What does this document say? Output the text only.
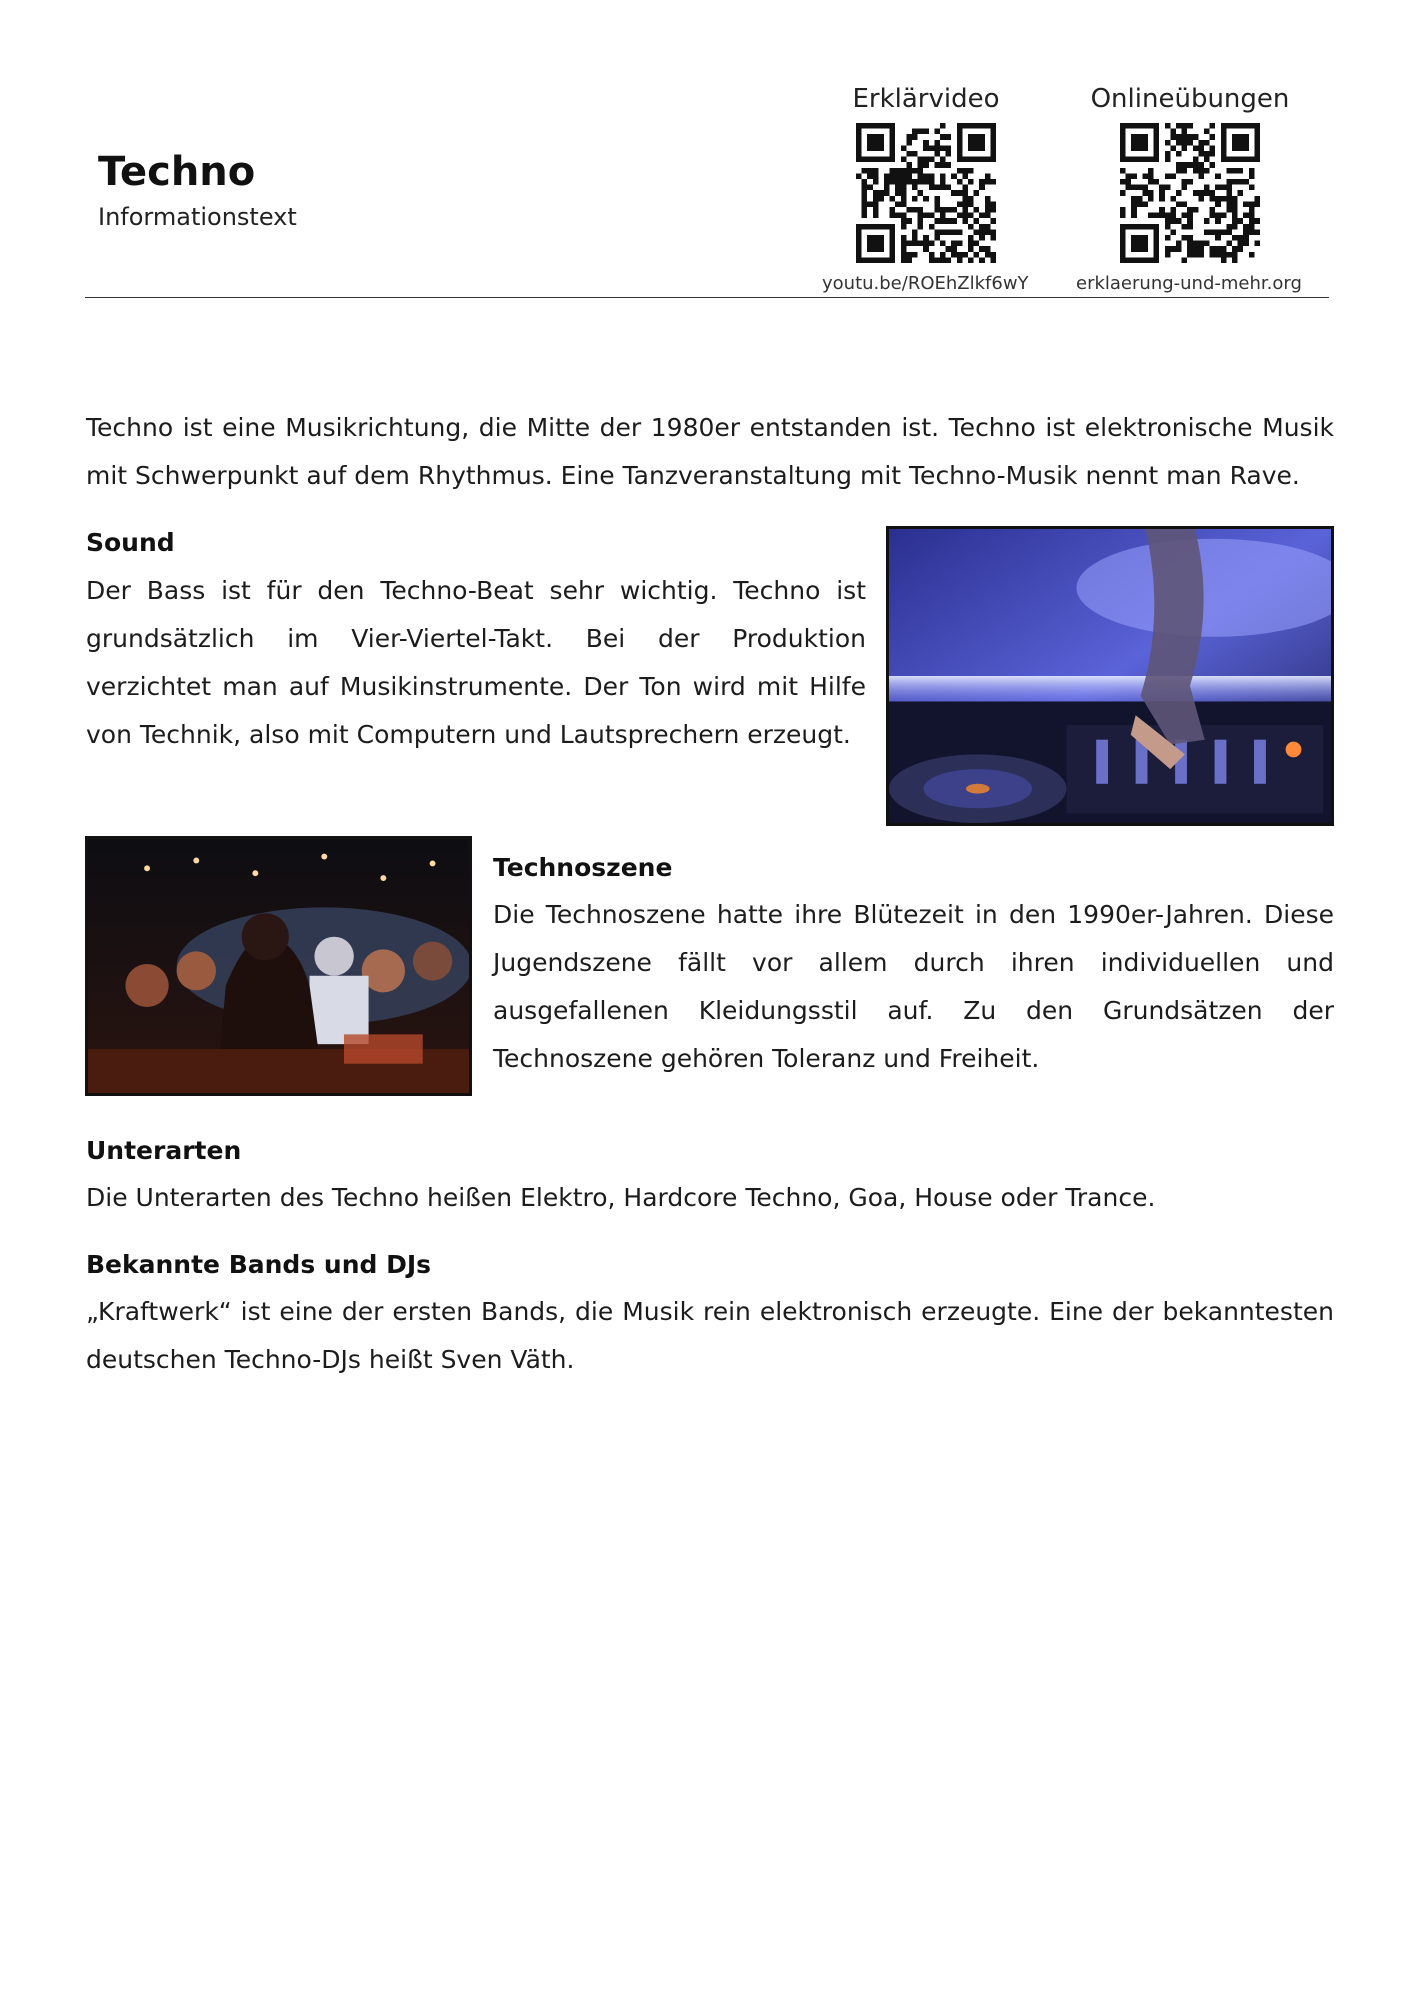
Techno

Informationstext

Erklärvideo	Onlineübungen
youtu.be/ROEhZlkf6wY	erklaerung-und-mehr.org

Techno ist eine Musikrichtung, die Mitte der 1980er entstanden ist. Techno ist elektronische Musik mit Schwerpunkt auf dem Rhythmus. Eine Tanzveranstaltung mit Techno-Musik nennt man Rave.

Sound

Der Bass ist für den Techno-Beat sehr wichtig. Techno ist grundsätzlich im Vier-Viertel-Takt. Bei der Produktion verzichtet man auf Musikinstrumente. Der Ton wird mit Hilfe von Technik, also mit Computern und Lautsprechern erzeugt.

Technoszene

Die Technoszene hatte ihre Blütezeit in den 1990er-Jahren. Diese Jugendszene fällt vor allem durch ihren individuellen und ausgefallenen Kleidungsstil auf. Zu den Grundsätzen der Technoszene gehören Toleranz und Freiheit.

Unterarten

Die Unterarten des Techno heißen Elektro, Hardcore Techno, Goa, House oder Trance.

Bekannte Bands und DJs

„Kraftwerk“ ist eine der ersten Bands, die Musik rein elektronisch erzeugte. Eine der bekanntesten deutschen Techno-DJs heißt Sven Väth.
